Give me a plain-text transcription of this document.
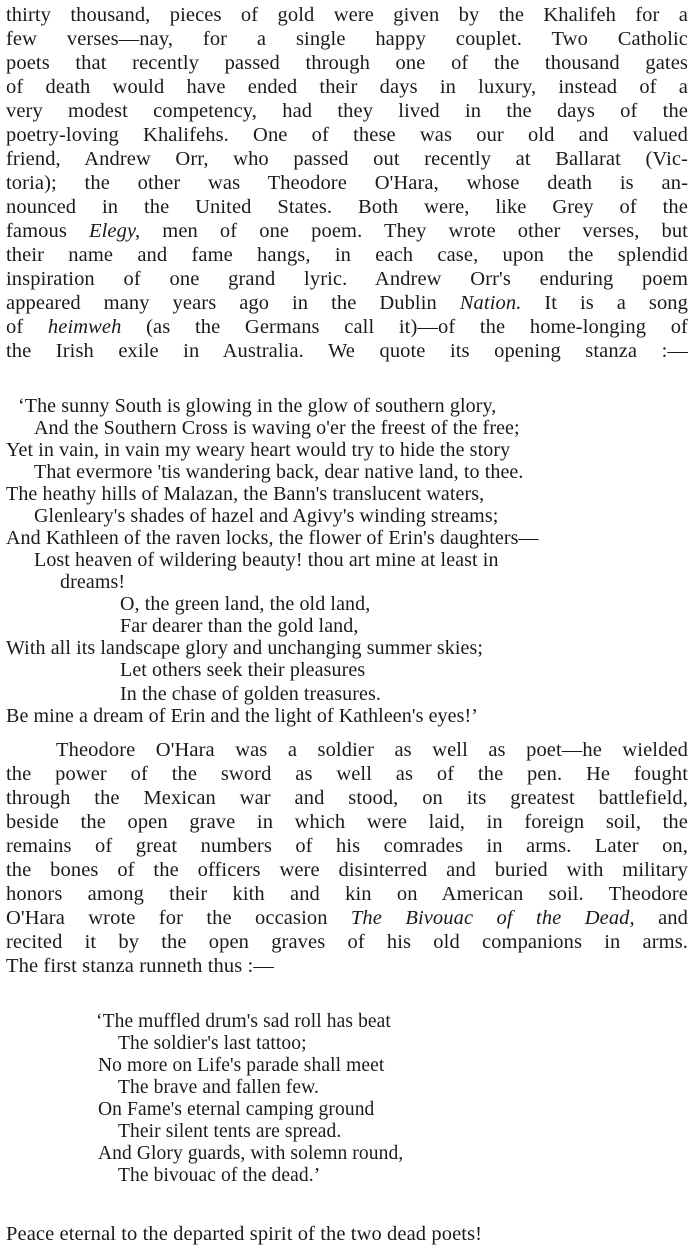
thirty thousand, pieces of gold were given by the Khalifeh for a
few verses—nay, for a single happy couplet. Two Catholic
poets that recently passed through one of the thousand gates
of death would have ended their days in luxury, instead of a
very modest competency, had they lived in the days of the
poetry-loving Khalifehs. One of these was our old and valued
friend, Andrew Orr, who passed out recently at Ballarat (Vic-
toria); the other was Theodore O'Hara, whose death is an-
nounced in the United States. Both were, like Grey of the
famous Elegy, men of one poem. They wrote other verses, but
their name and fame hangs, in each case, upon the splendid
inspiration of one grand lyric. Andrew Orr's enduring poem
appeared many years ago in the Dublin Nation. It is a song
of heimweh (as the Germans call it)—of the home-longing of
the Irish exile in Australia. We quote its opening stanza :—
‘The sunny South is glowing in the glow of southern glory,
And the Southern Cross is waving o'er the freest of the free;
Yet in vain, in vain my weary heart would try to hide the story
That evermore 'tis wandering back, dear native land, to thee.
The heathy hills of Malazan, the Bann's translucent waters,
Glenleary's shades of hazel and Agivy's winding streams;
And Kathleen of the raven locks, the flower of Erin's daughters—
Lost heaven of wildering beauty! thou art mine at least in
dreams!
O, the green land, the old land,
Far dearer than the gold land,
With all its landscape glory and unchanging summer skies;
Let others seek their pleasures
In the chase of golden treasures.
Be mine a dream of Erin and the light of Kathleen's eyes!’
Theodore O'Hara was a soldier as well as poet—he wielded
the power of the sword as well as of the pen. He fought
through the Mexican war and stood, on its greatest battlefield,
beside the open grave in which were laid, in foreign soil, the
remains of great numbers of his comrades in arms. Later on,
the bones of the officers were disinterred and buried with military
honors among their kith and kin on American soil. Theodore
O'Hara wrote for the occasion The Bivouac of the Dead, and
recited it by the open graves of his old companions in arms.
The first stanza runneth thus :—
‘The muffled drum's sad roll has beat
The soldier's last tattoo;
No more on Life's parade shall meet
The brave and fallen few.
On Fame's eternal camping ground
Their silent tents are spread.
And Glory guards, with solemn round,
The bivouac of the dead.’
Peace eternal to the departed spirit of the two dead poets!
